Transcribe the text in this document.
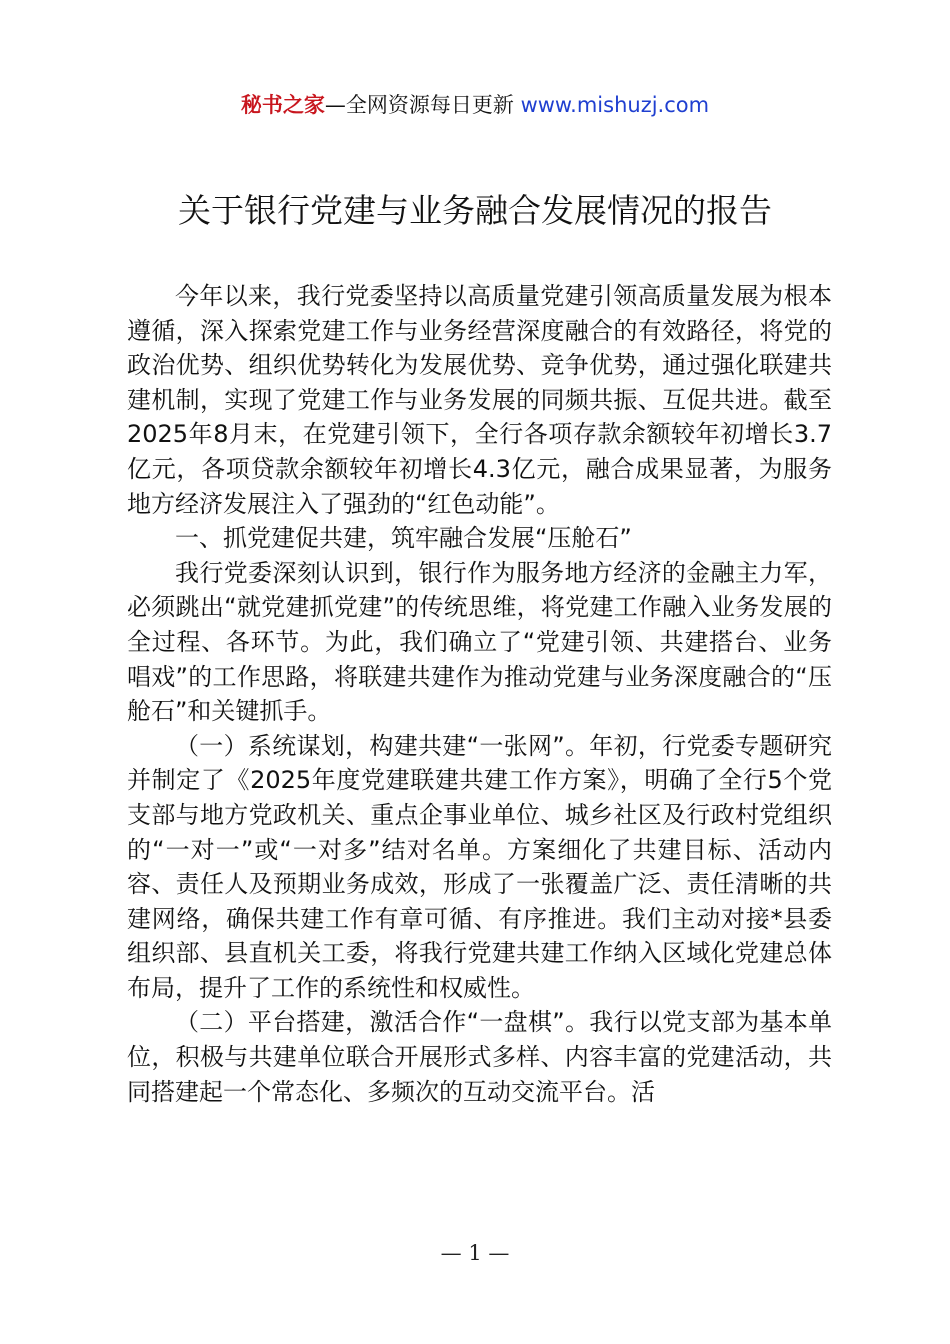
秘书之家—全网资源每日更新 www.mishuzj.com
关于银行党建与业务融合发展情况的报告

今年以来，我行党委坚持以高质量党建引领高质量发展为根本遵循，深入探索党建工作与业务经营深度融合的有效路径，将党的政治优势、组织优势转化为发展优势、竞争优势，通过强化联建共建机制，实现了党建工作与业务发展的同频共振、互促共进。截至2025年8月末，在党建引领下，全行各项存款余额较年初增长3.7亿元，各项贷款余额较年初增长4.3亿元，融合成果显著，为服务地方经济发展注入了强劲的“红色动能”。

一、抓党建促共建，筑牢融合发展“压舱石”

我行党委深刻认识到，银行作为服务地方经济的金融主力军，必须跳出“就党建抓党建”的传统思维，将党建工作融入业务发展的全过程、各环节。为此，我们确立了“党建引领、共建搭台、业务唱戏”的工作思路，将联建共建作为推动党建与业务深度融合的“压舱石”和关键抓手。

（一）系统谋划，构建共建“一张网”。年初，行党委专题研究并制定了《2025年度党建联建共建工作方案》，明确了全行5个党支部与地方党政机关、重点企事业单位、城乡社区及行政村党组织的“一对一”或“一对多”结对名单。方案细化了共建目标、活动内容、责任人及预期业务成效，形成了一张覆盖广泛、责任清晰的共建网络，确保共建工作有章可循、有序推进。我们主动对接*县委组织部、县直机关工委，将我行党建共建工作纳入区域化党建总体布局，提升了工作的系统性和权威性。

（二）平台搭建，激活合作“一盘棋”。我行以党支部为基本单位，积极与共建单位联合开展形式多样、内容丰富的党建活动，共同搭建起一个常态化、多频次的互动交流平台。活

— 1 —
